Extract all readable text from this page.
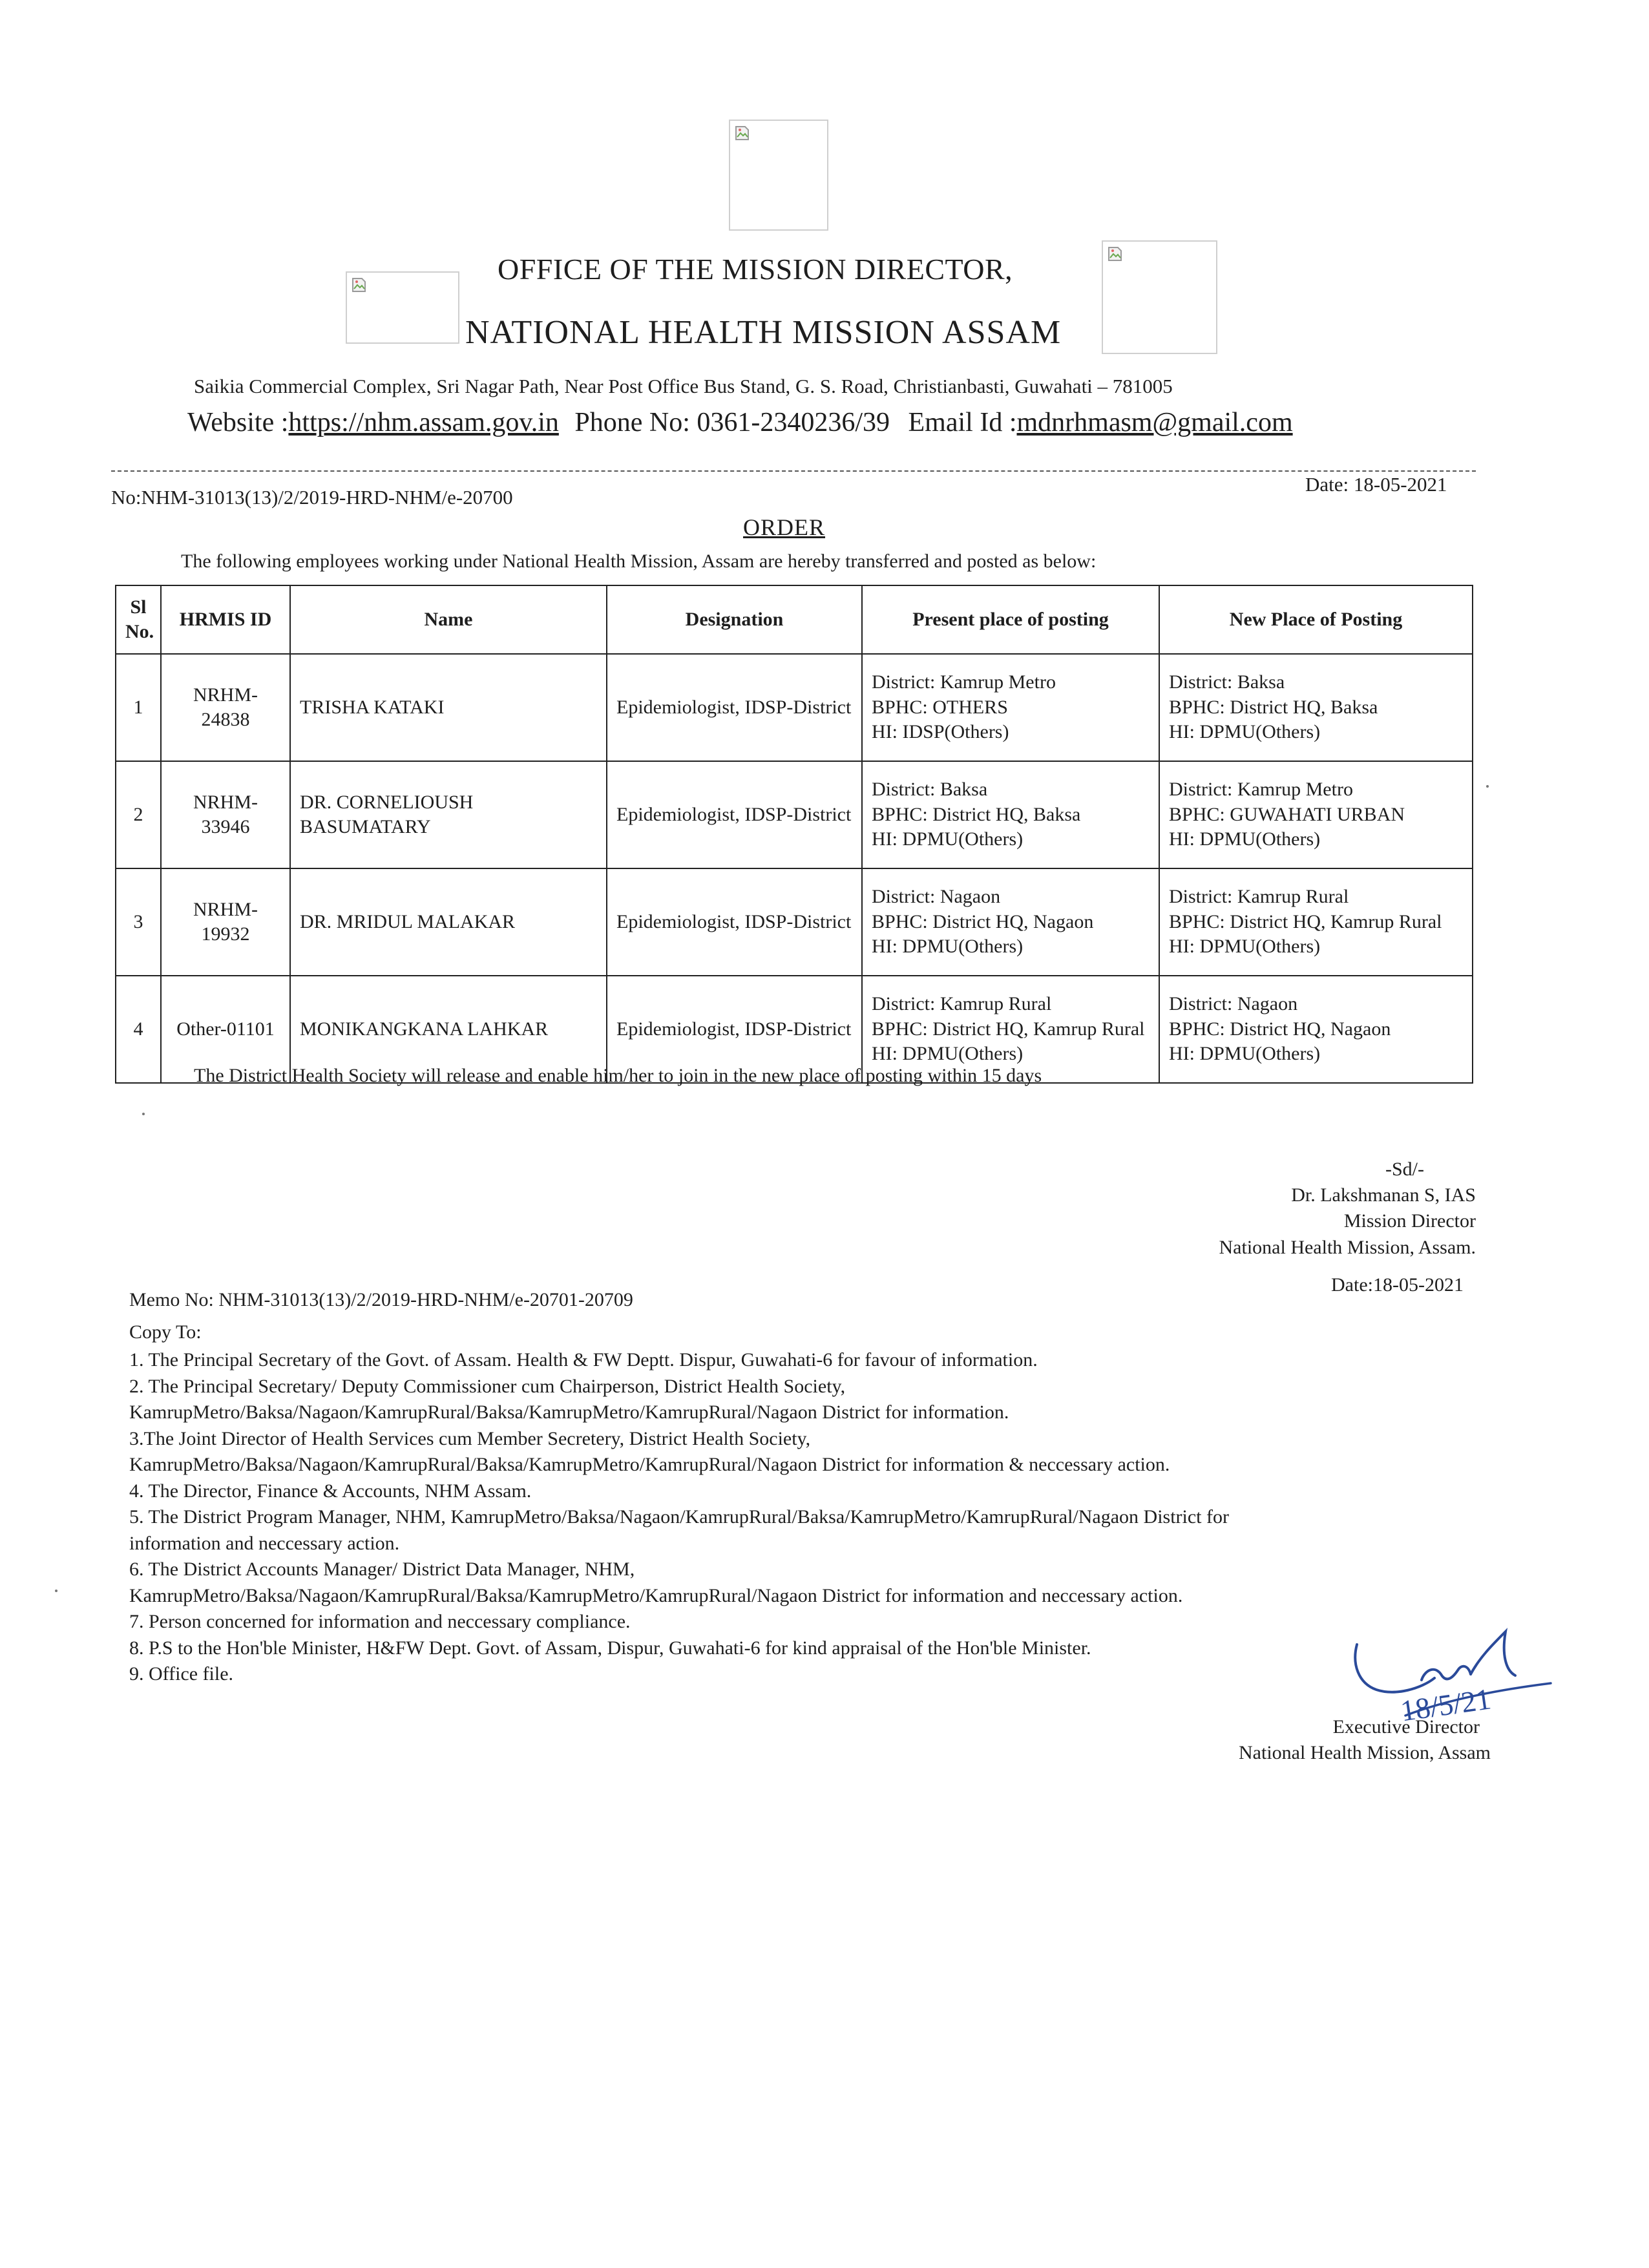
OFFICE OF THE MISSION DIRECTOR,
NATIONAL HEALTH MISSION ASSAM
Saikia Commercial Complex, Sri Nagar Path, Near Post Office Bus Stand, G. S. Road, Christianbasti, Guwahati – 781005
Website :https://nhm.assam.gov.in Phone No: 0361-2340236/39 Email Id :mdnrhmasm@gmail.com
No:NHM-31013(13)/2/2019-HRD-NHM/e-20700
Date: 18-05-2021
ORDER
The following employees working under National Health Mission, Assam are hereby transferred and posted as below:
Sl No.	HRMIS ID	Name	Designation	Present place of posting	New Place of Posting
1	NRHM-24838	TRISHA KATAKI	Epidemiologist, IDSP-District	District: Kamrup Metro
BPHC: OTHERS
HI: IDSP(Others)	District: Baksa
BPHC: District HQ, Baksa
HI: DPMU(Others)
2	NRHM-33946	DR. CORNELIOUSH BASUMATARY	Epidemiologist, IDSP-District	District: Baksa
BPHC: District HQ, Baksa
HI: DPMU(Others)	District: Kamrup Metro
BPHC: GUWAHATI URBAN
HI: DPMU(Others)
3	NRHM-19932	DR. MRIDUL MALAKAR	Epidemiologist, IDSP-District	District: Nagaon
BPHC: District HQ, Nagaon
HI: DPMU(Others)	District: Kamrup Rural
BPHC: District HQ, Kamrup Rural
HI: DPMU(Others)
4	Other-01101	MONIKANGKANA LAHKAR	Epidemiologist, IDSP-District	District: Kamrup Rural
BPHC: District HQ, Kamrup Rural
HI: DPMU(Others)	District: Nagaon
BPHC: District HQ, Nagaon
HI: DPMU(Others)
The District Health Society will release and enable him/her to join in the new place of posting within 15 days
-Sd/-
Dr. Lakshmanan S, IAS
Mission Director
National Health Mission, Assam.
Date:18-05-2021
Memo No: NHM-31013(13)/2/2019-HRD-NHM/e-20701-20709
Copy To:
1. The Principal Secretary of the Govt. of Assam. Health & FW Deptt. Dispur, Guwahati-6 for favour of information.
2. The Principal Secretary/ Deputy Commissioner cum Chairperson, District Health Society,
KamrupMetro/Baksa/Nagaon/KamrupRural/Baksa/KamrupMetro/KamrupRural/Nagaon District for information.
3.The Joint Director of Health Services cum Member Secretery, District Health Society,
KamrupMetro/Baksa/Nagaon/KamrupRural/Baksa/KamrupMetro/KamrupRural/Nagaon District for information & neccessary action.
4. The Director, Finance & Accounts, NHM Assam.
5. The District Program Manager, NHM, KamrupMetro/Baksa/Nagaon/KamrupRural/Baksa/KamrupMetro/KamrupRural/Nagaon District for
information and neccessary action.
6. The District Accounts Manager/ District Data Manager, NHM,
KamrupMetro/Baksa/Nagaon/KamrupRural/Baksa/KamrupMetro/KamrupRural/Nagaon District for information and neccessary action.
7. Person concerned for information and neccessary compliance.
8. P.S to the Hon'ble Minister, H&FW Dept. Govt. of Assam, Dispur, Guwahati-6 for kind appraisal of the Hon'ble Minister.
9. Office file.
18/5/21
Executive Director
National Health Mission, Assam
